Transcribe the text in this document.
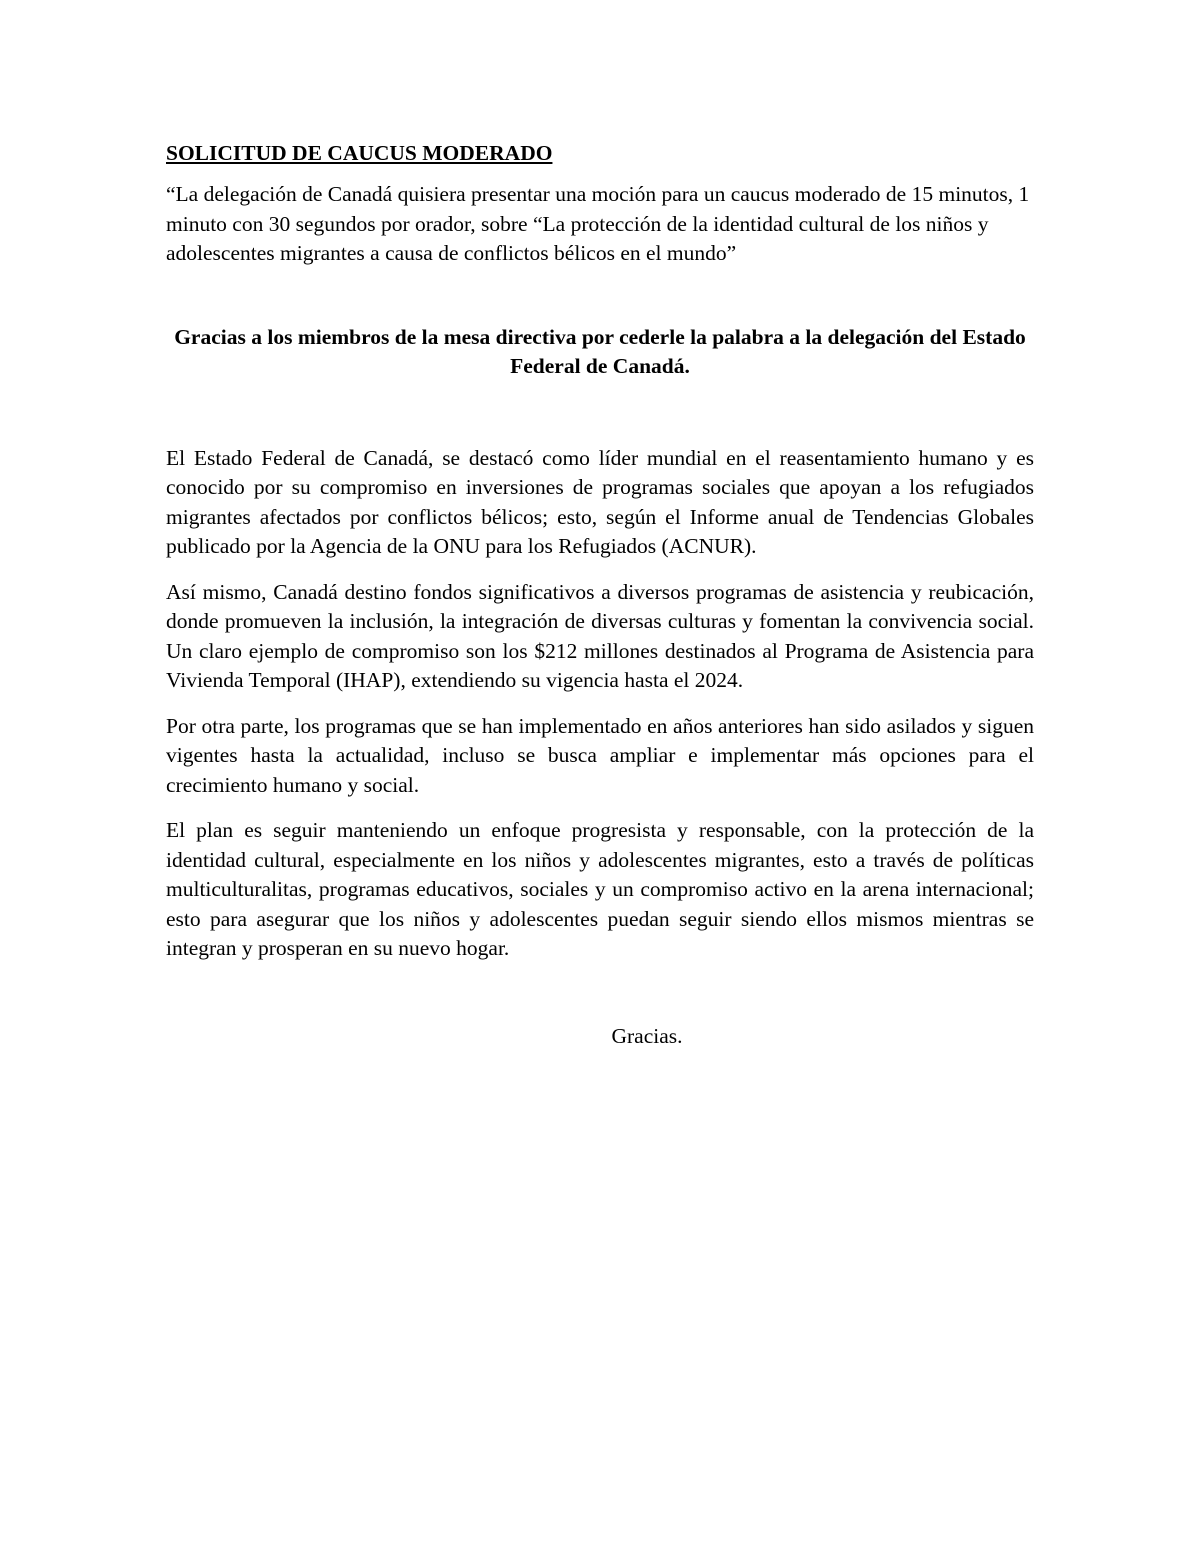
SOLICITUD DE CAUCUS MODERADO

“La delegación de Canadá quisiera presentar una moción para un caucus moderado de 15 minutos, 1 minuto con 30 segundos por orador, sobre “La protección de la identidad cultural de los niños y adolescentes migrantes a causa de conflictos bélicos en el mundo”

Gracias a los miembros de la mesa directiva por cederle la palabra a la delegación del Estado Federal de Canadá.

El Estado Federal de Canadá, se destacó como líder mundial en el reasentamiento humano y es conocido por su compromiso en inversiones de programas sociales que apoyan a los refugiados migrantes afectados por conflictos bélicos; esto, según el Informe anual de Tendencias Globales publicado por la Agencia de la ONU para los Refugiados (ACNUR).

Así mismo, Canadá destino fondos significativos a diversos programas de asistencia y reubicación, donde promueven la inclusión, la integración de diversas culturas y fomentan la convivencia social. Un claro ejemplo de compromiso son los $212 millones destinados al Programa de Asistencia para Vivienda Temporal (IHAP), extendiendo su vigencia hasta el 2024.

Por otra parte, los programas que se han implementado en años anteriores han sido asilados y siguen vigentes hasta la actualidad, incluso se busca ampliar e implementar más opciones para el crecimiento humano y social.

El plan es seguir manteniendo un enfoque progresista y responsable, con la protección de la identidad cultural, especialmente en los niños y adolescentes migrantes, esto a través de políticas multiculturalitas, programas educativos, sociales y un compromiso activo en la arena internacional; esto para asegurar que los niños y adolescentes puedan seguir siendo ellos mismos mientras se integran y prosperan en su nuevo hogar.

Gracias.
